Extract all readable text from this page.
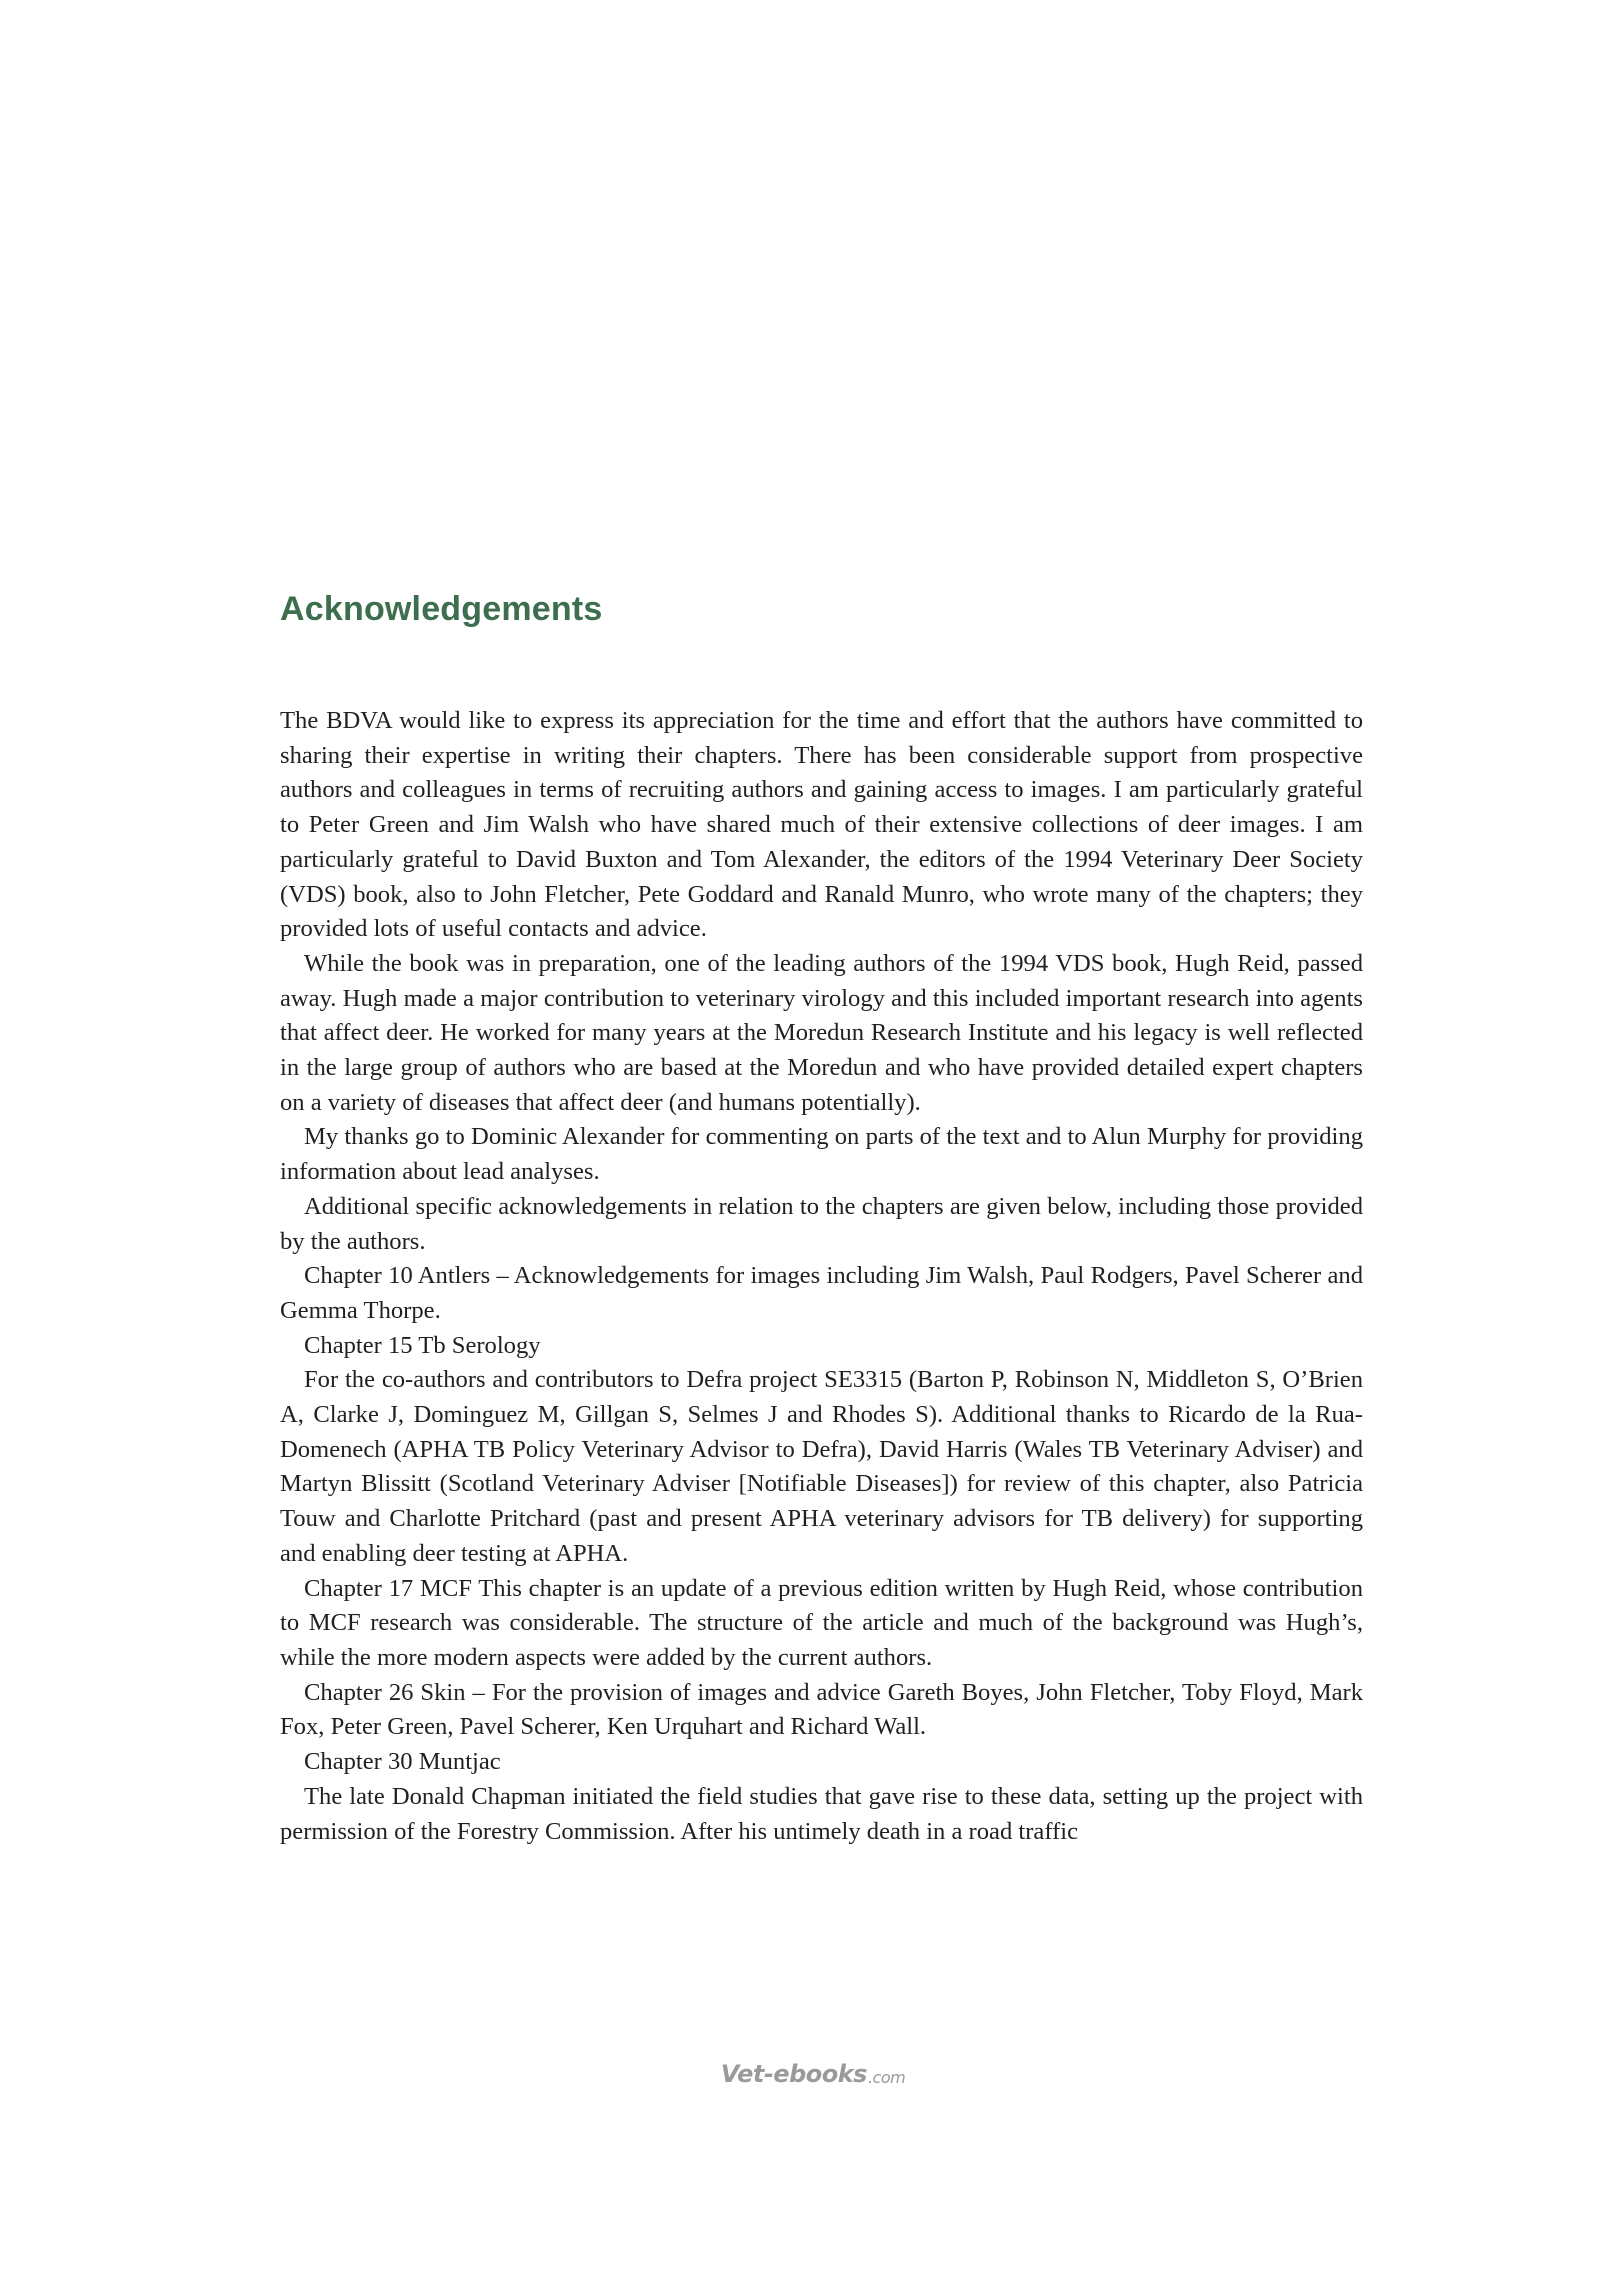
Acknowledgements

The BDVA would like to express its appreciation for the time and effort that the authors have committed to sharing their expertise in writing their chapters. There has been considerable support from prospective authors and colleagues in terms of recruiting authors and gaining access to images. I am particularly grateful to Peter Green and Jim Walsh who have shared much of their extensive collections of deer images. I am particularly grateful to David Buxton and Tom Alexander, the editors of the 1994 Veterinary Deer Society (VDS) book, also to John Fletcher, Pete Goddard and Ranald Munro, who wrote many of the chapters; they provided lots of useful contacts and advice.

While the book was in preparation, one of the leading authors of the 1994 VDS book, Hugh Reid, passed away. Hugh made a major contribution to veterinary virology and this included important research into agents that affect deer. He worked for many years at the Moredun Research Institute and his legacy is well reflected in the large group of authors who are based at the Moredun and who have provided detailed expert chapters on a variety of diseases that affect deer (and humans potentially).

My thanks go to Dominic Alexander for commenting on parts of the text and to Alun Murphy for providing information about lead analyses.

Additional specific acknowledgements in relation to the chapters are given below, including those provided by the authors.

Chapter 10 Antlers – Acknowledgements for images including Jim Walsh, Paul Rodgers, Pavel Scherer and Gemma Thorpe.

Chapter 15 Tb Serology

For the co-authors and contributors to Defra project SE3315 (Barton P, Robinson N, Middleton S, O’Brien A, Clarke J, Dominguez M, Gillgan S, Selmes J and Rhodes S). Additional thanks to Ricardo de la Rua-Domenech (APHA TB Policy Veterinary Advisor to Defra), David Harris (Wales TB Veterinary Adviser) and Martyn Blissitt (Scotland Veterinary Adviser [Notifiable Diseases]) for review of this chapter, also Patricia Touw and Charlotte Pritchard (past and present APHA veterinary advisors for TB delivery) for supporting and enabling deer testing at APHA.

Chapter 17 MCF This chapter is an update of a previous edition written by Hugh Reid, whose contribution to MCF research was considerable. The structure of the article and much of the background was Hugh’s, while the more modern aspects were added by the current authors.

Chapter 26 Skin – For the provision of images and advice Gareth Boyes, John Fletcher, Toby Floyd, Mark Fox, Peter Green, Pavel Scherer, Ken Urquhart and Richard Wall.

Chapter 30 Muntjac

The late Donald Chapman initiated the field studies that gave rise to these data, setting up the project with permission of the Forestry Commission. After his untimely death in a road traffic

Vet-ebooks .com
